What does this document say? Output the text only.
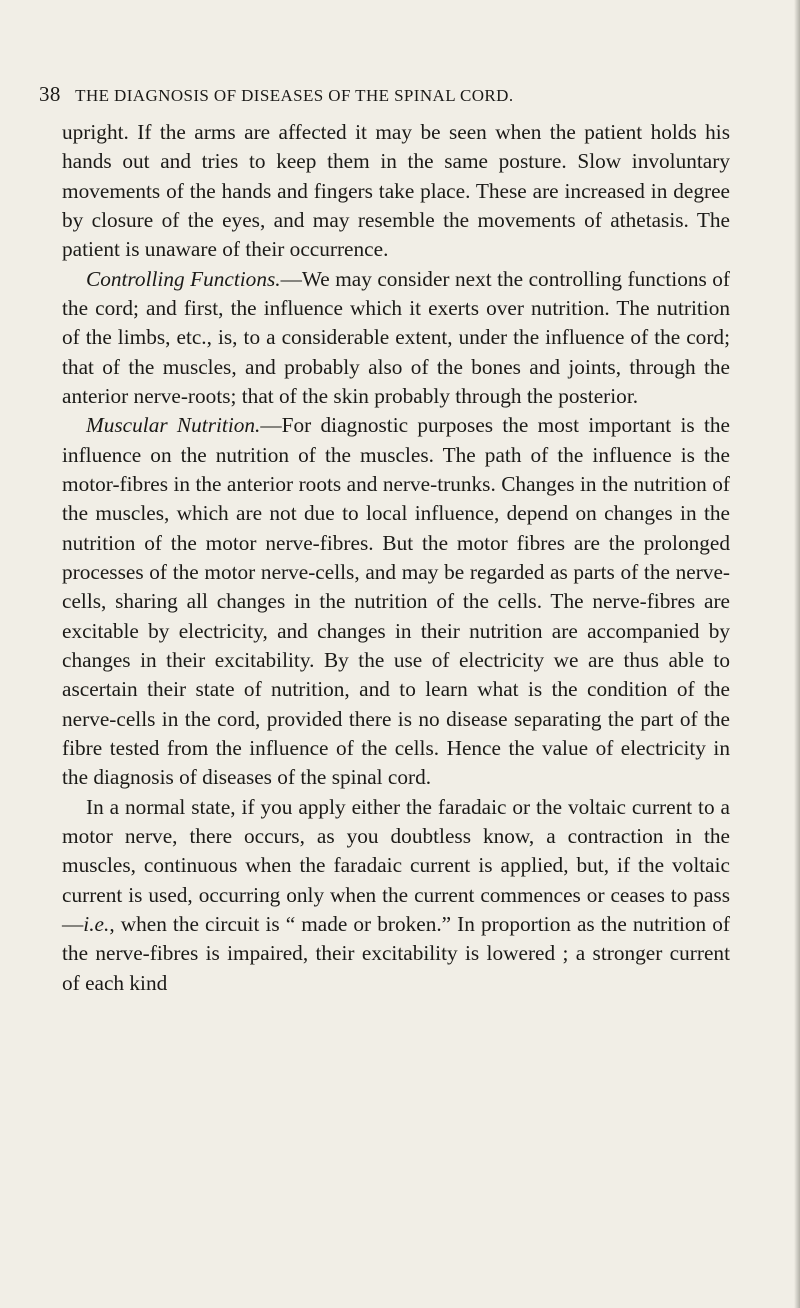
38 THE DIAGNOSIS OF DISEASES OF THE SPINAL CORD.

upright. If the arms are affected it may be seen when the patient holds his hands out and tries to keep them in the same posture. Slow involuntary movements of the hands and fingers take place. These are increased in degree by closure of the eyes, and may resemble the movements of athetasis. The patient is unaware of their occurrence.

Controlling Functions.—We may consider next the controlling functions of the cord; and first, the influence which it exerts over nutrition. The nutrition of the limbs, etc., is, to a considerable extent, under the influence of the cord; that of the muscles, and probably also of the bones and joints, through the anterior nerve-roots; that of the skin probably through the posterior.

Muscular Nutrition.—For diagnostic purposes the most important is the influence on the nutrition of the muscles. The path of the influence is the motor-fibres in the anterior roots and nerve-trunks. Changes in the nutrition of the muscles, which are not due to local influence, depend on changes in the nutrition of the motor nerve-fibres. But the motor fibres are the prolonged processes of the motor nerve-cells, and may be regarded as parts of the nerve-cells, sharing all changes in the nutrition of the cells. The nerve-fibres are excitable by electricity, and changes in their nutrition are accompanied by changes in their excitability. By the use of electricity we are thus able to ascertain their state of nutrition, and to learn what is the condition of the nerve-cells in the cord, provided there is no disease separating the part of the fibre tested from the influence of the cells. Hence the value of electricity in the diagnosis of diseases of the spinal cord.

In a normal state, if you apply either the faradaic or the voltaic current to a motor nerve, there occurs, as you doubtless know, a contraction in the muscles, continuous when the faradaic current is applied, but, if the voltaic current is used, occurring only when the current commences or ceases to pass—i.e., when the circuit is “ made or broken.” In proportion as the nutrition of the nerve-fibres is impaired, their excitability is lowered ; a stronger current of each kind
